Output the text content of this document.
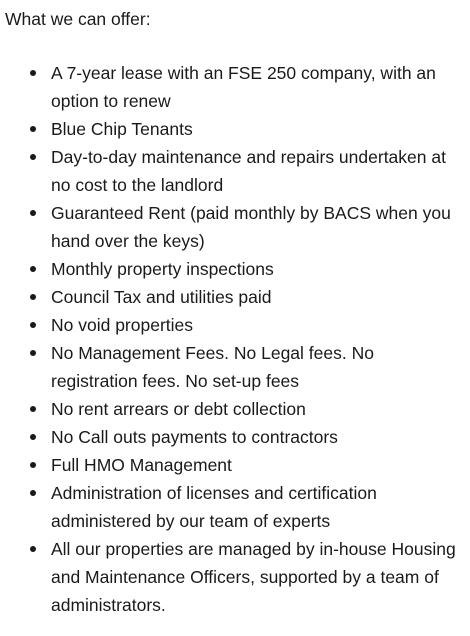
What we can offer:

A 7-year lease with an FSE 250 company, with an option to renew
Blue Chip Tenants
Day-to-day maintenance and repairs undertaken at no cost to the landlord
Guaranteed Rent (paid monthly by BACS when you hand over the keys)
Monthly property inspections
Council Tax and utilities paid
No void properties
No Management Fees. No Legal fees. No registration fees. No set-up fees
No rent arrears or debt collection
No Call outs payments to contractors
Full HMO Management
Administration of licenses and certification administered by our team of experts
All our properties are managed by in-house Housing and Maintenance Officers, supported by a team of administrators.
